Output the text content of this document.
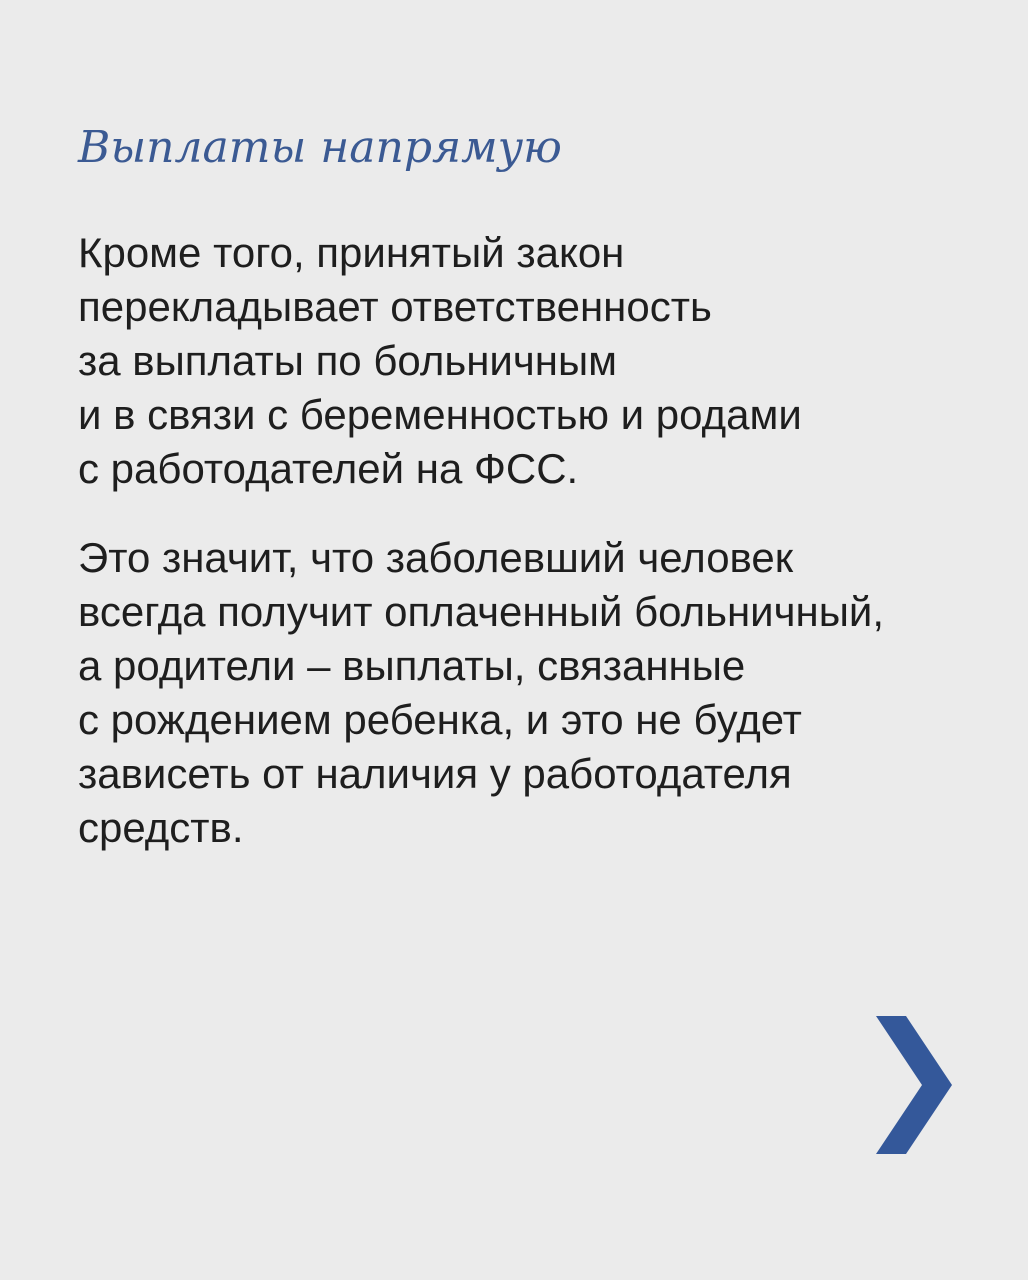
Выплаты напрямую

Кроме того, принятый закон
перекладывает ответственность
за выплаты по больничным
и в связи с беременностью и родами
с работодателей на ФСС.

Это значит, что заболевший человек
всегда получит оплаченный больничный,
а родители – выплаты, связанные
с рождением ребенка, и это не будет
зависеть от наличия у работодателя
средств.
